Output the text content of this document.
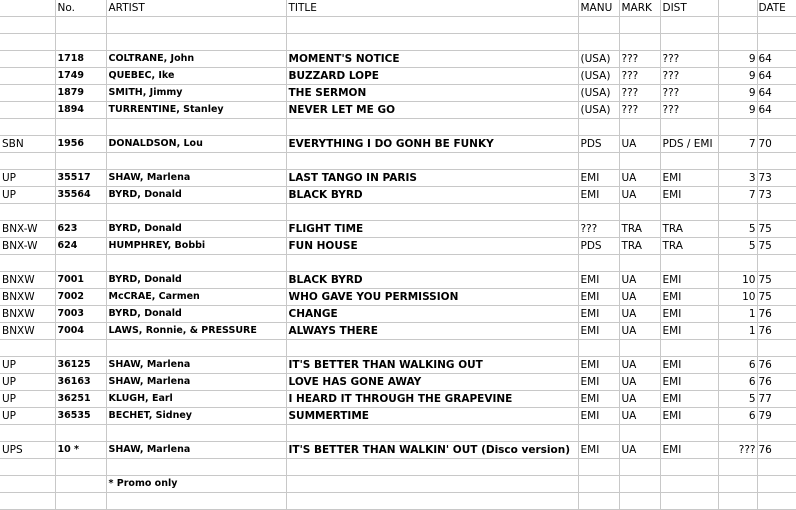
	No.	ARTIST	TITLE	MANU	MARK	DIST		DATE

	1718	COLTRANE, John	MOMENT'S NOTICE	(USA)	???	???	9	64
	1749	QUEBEC, Ike	BUZZARD LOPE	(USA)	???	???	9	64
	1879	SMITH, Jimmy	THE SERMON	(USA)	???	???	9	64
	1894	TURRENTINE, Stanley	NEVER LET ME GO	(USA)	???	???	9	64

SBN	1956	DONALDSON, Lou	EVERYTHING I DO GONH BE FUNKY	PDS	UA	PDS / EMI	7	70

UP	35517	SHAW, Marlena	LAST TANGO IN PARIS	EMI	UA	EMI	3	73
UP	35564	BYRD, Donald	BLACK BYRD	EMI	UA	EMI	7	73

BNX-W	623	BYRD, Donald	FLIGHT TIME	???	TRA	TRA	5	75
BNX-W	624	HUMPHREY, Bobbi	FUN HOUSE	PDS	TRA	TRA	5	75

BNXW	7001	BYRD, Donald	BLACK BYRD	EMI	UA	EMI	10	75
BNXW	7002	McCRAE, Carmen	WHO GAVE YOU PERMISSION	EMI	UA	EMI	10	75
BNXW	7003	BYRD, Donald	CHANGE	EMI	UA	EMI	1	76
BNXW	7004	LAWS, Ronnie, & PRESSURE	ALWAYS THERE	EMI	UA	EMI	1	76

UP	36125	SHAW, Marlena	IT'S BETTER THAN WALKING OUT	EMI	UA	EMI	6	76
UP	36163	SHAW, Marlena	LOVE HAS GONE AWAY	EMI	UA	EMI	6	76
UP	36251	KLUGH, Earl	I HEARD IT THROUGH THE GRAPEVINE	EMI	UA	EMI	5	77
UP	36535	BECHET, Sidney	SUMMERTIME	EMI	UA	EMI	6	79

UPS	10 *	SHAW, Marlena	IT'S BETTER THAN WALKIN' OUT (Disco version)	EMI	UA	EMI	???	76

		* Promo only						
